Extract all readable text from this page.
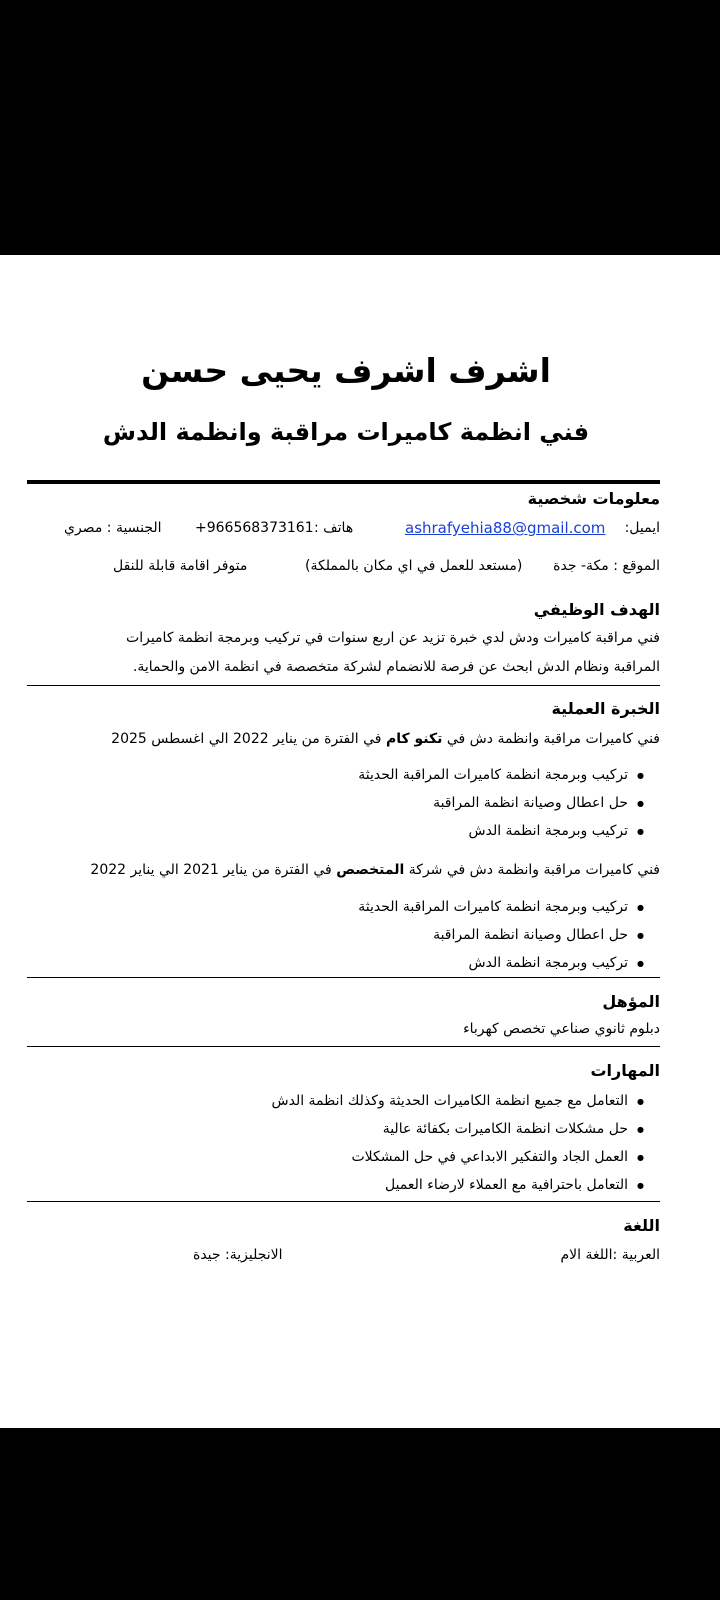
اشرف اشرف يحيى حسن
فني انظمة كاميرات مراقبة وانظمة الدش
معلومات شخصية
ايميل:
ashrafyehia88@gmail.com
هاتف :
+966568373161
الجنسية : مصري
الموقع : مكة- جدة
(مستعد للعمل في اي مكان بالمملكة)
متوفر اقامة قابلة للنقل
الهدف الوظيفي
فني مراقبة كاميرات ودش لدي خبرة تزيد عن اربع سنوات في تركيب وبرمجة انظمة كاميرات
المراقبة ونظام الدش ابحث عن فرصة للانضمام لشركة متخصصة في انظمة الامن والحماية.
الخبرة العملية
فني كاميرات مراقبة وانظمة دش في تكنو كام في الفترة من يناير 2022 الي اغسطس 2025
● تركيب وبرمجة انظمة كاميرات المراقبة الحديثة
● حل اعطال وصيانة انظمة المراقبة
● تركيب وبرمجة انظمة الدش
فني كاميرات مراقبة وانظمة دش في شركة المتخصص في الفترة من يناير 2021 الي يناير 2022
● تركيب وبرمجة انظمة كاميرات المراقبة الحديثة
● حل اعطال وصيانة انظمة المراقبة
● تركيب وبرمجة انظمة الدش
المؤهل
دبلوم ثانوي صناعي تخصص كهرباء
المهارات
● التعامل مع جميع انظمة الكاميرات الحديثة وكذلك انظمة الدش
● حل مشكلات انظمة الكاميرات بكفائة عالية
● العمل الجاد والتفكير الابداعي في حل المشكلات
● التعامل باحترافية مع العملاء لارضاء العميل
اللغة
العربية :اللغة الام
الانجليزية: جيدة
